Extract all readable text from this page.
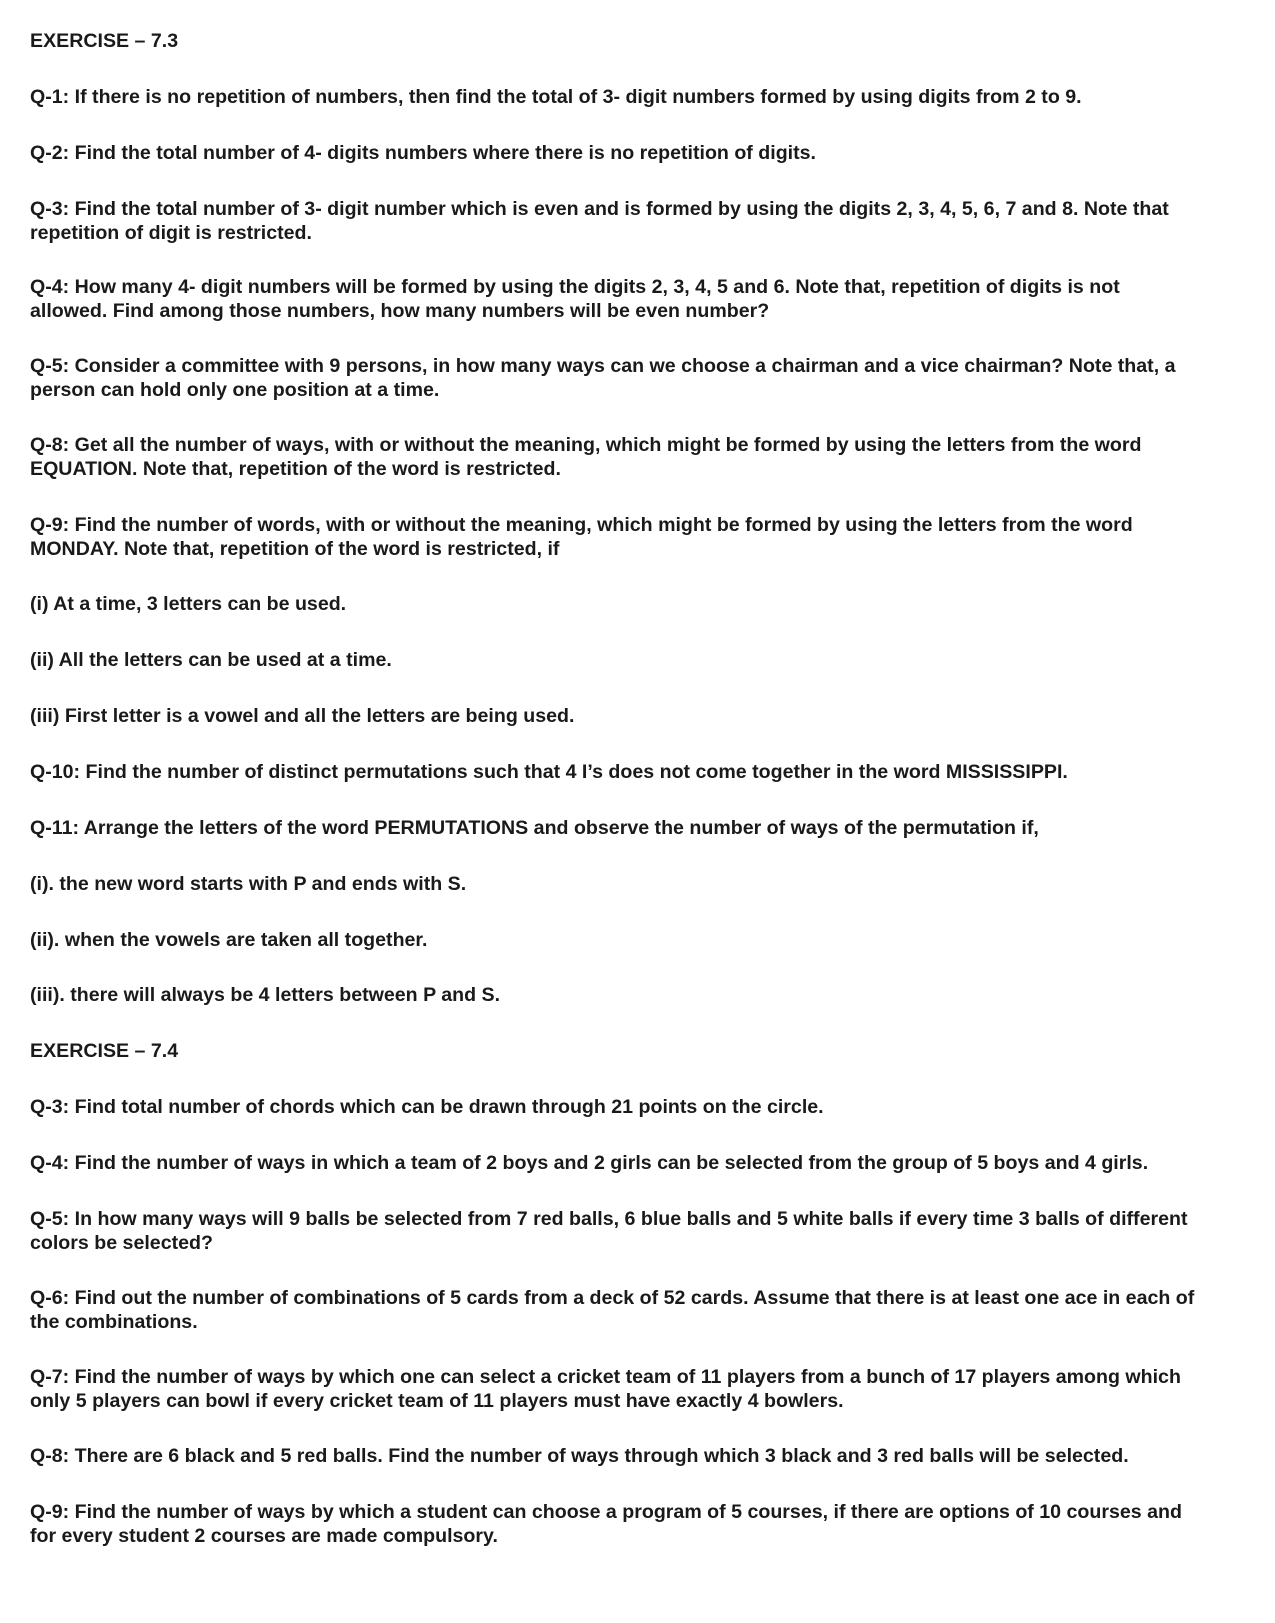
EXERCISE – 7.3
Q-1: If there is no repetition of numbers, then find the total of 3- digit numbers formed by using digits from 2 to 9.
Q-2: Find the total number of 4- digits numbers where there is no repetition of digits.
Q-3: Find the total number of 3- digit number which is even and is formed by using the digits 2, 3, 4, 5, 6, 7 and 8. Note that
repetition of digit is restricted.
Q-4: How many 4- digit numbers will be formed by using the digits 2, 3, 4, 5 and 6. Note that, repetition of digits is not
allowed. Find among those numbers, how many numbers will be even number?
Q-5: Consider a committee with 9 persons, in how many ways can we choose a chairman and a vice chairman? Note that, a
person can hold only one position at a time.
Q-8: Get all the number of ways, with or without the meaning, which might be formed by using the letters from the word
EQUATION. Note that, repetition of the word is restricted.
Q-9: Find the number of words, with or without the meaning, which might be formed by using the letters from the word
MONDAY. Note that, repetition of the word is restricted, if
(i) At a time, 3 letters can be used.
(ii) All the letters can be used at a time.
(iii) First letter is a vowel and all the letters are being used.
Q-10: Find the number of distinct permutations such that 4 I’s does not come together in the word MISSISSIPPI.
Q-11: Arrange the letters of the word PERMUTATIONS and observe the number of ways of the permutation if,
(i). the new word starts with P and ends with S.
(ii). when the vowels are taken all together.
(iii). there will always be 4 letters between P and S.
EXERCISE – 7.4
Q-3: Find total number of chords which can be drawn through 21 points on the circle.
Q-4: Find the number of ways in which a team of 2 boys and 2 girls can be selected from the group of 5 boys and 4 girls.
Q-5: In how many ways will 9 balls be selected from 7 red balls, 6 blue balls and 5 white balls if every time 3 balls of different
colors be selected?
Q-6: Find out the number of combinations of 5 cards from a deck of 52 cards. Assume that there is at least one ace in each of
the combinations.
Q-7: Find the number of ways by which one can select a cricket team of 11 players from a bunch of 17 players among which
only 5 players can bowl if every cricket team of 11 players must have exactly 4 bowlers.
Q-8: There are 6 black and 5 red balls. Find the number of ways through which 3 black and 3 red balls will be selected.
Q-9: Find the number of ways by which a student can choose a program of 5 courses, if there are options of 10 courses and
for every student 2 courses are made compulsory.
